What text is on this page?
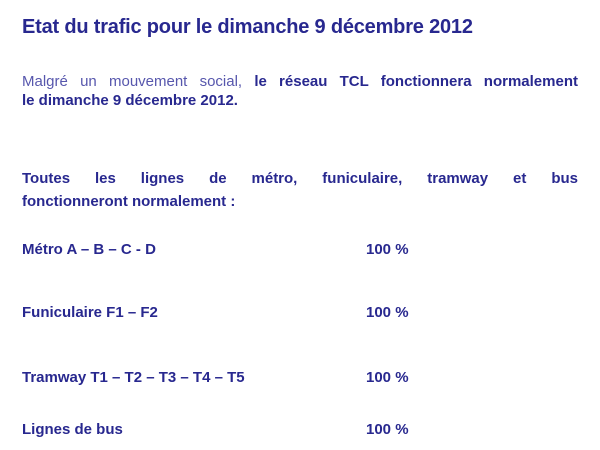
Etat du trafic pour le dimanche 9 décembre 2012

Malgré un mouvement social, le réseau TCL fonctionnera normalement
le dimanche 9 décembre 2012.

Toutes les lignes de métro, funiculaire, tramway et bus
fonctionneront normalement :

Métro A – B – C - D	100 %
Funiculaire F1 – F2	100 %
Tramway T1 – T2 – T3 – T4 – T5	100 %
Lignes de bus	100 %
